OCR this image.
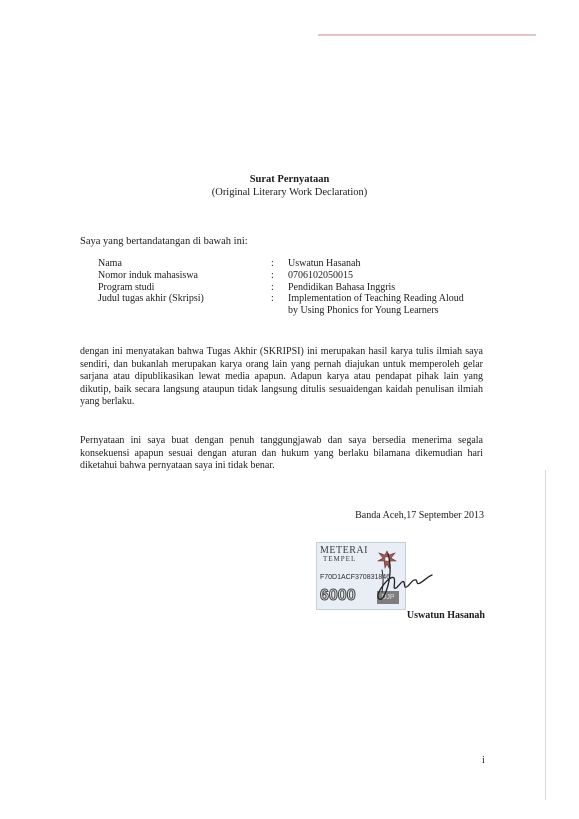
Surat Pernyataan
(Original Literary Work Declaration)
Saya yang bertandatangan di bawah ini:
Nama	:	Uswatun Hasanah
Nomor induk mahasiswa	:	0706102050015
Program studi	:	Pendidikan Bahasa Inggris
Judul tugas akhir (Skripsi)	:	Implementation of Teaching Reading Aloud by Using Phonics for Young Learners
dengan ini menyatakan bahwa Tugas Akhir (SKRIPSI) ini merupakan hasil karya tulis ilmiah saya sendiri, dan bukanlah merupakan karya orang lain yang pernah diajukan untuk memperoleh gelar sarjana atau dipublikasikan lewat media apapun. Adapun karya atau pendapat pihak lain yang dikutip, baik secara langsung ataupun tidak langsung ditulis sesuaidengan kaidah penulisan ilmiah yang berlaku.
Pernyataan ini saya buat dengan penuh tanggungjawab dan saya bersedia menerima segala konsekuensi apapun sesuai dengan aturan dan hukum yang berlaku bilamana dikemudian hari diketahui bahwa pernyataan saya ini tidak benar.
Banda Aceh,17 September 2013
METERAI
TEMPEL
F70D1ACF370831846
6000	DJP
Uswatun Hasanah
i
